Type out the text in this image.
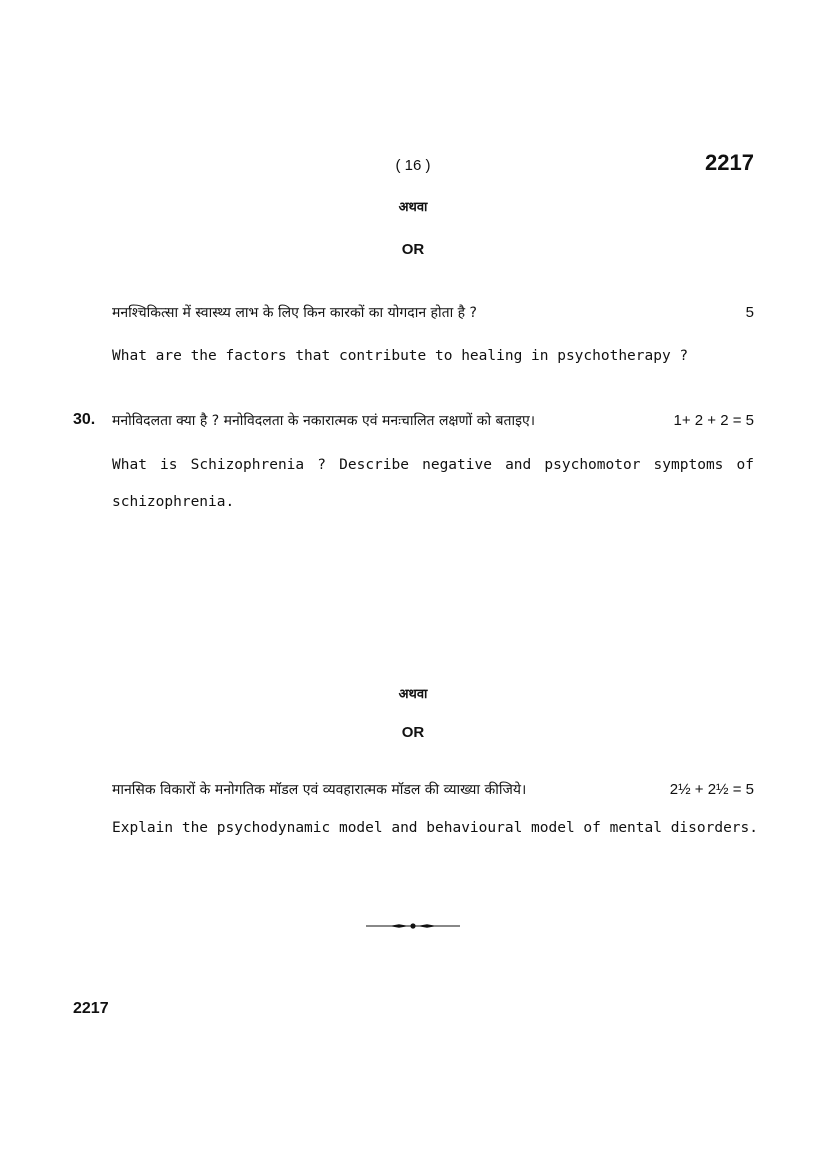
( 16 )	2217
अथवा
OR
मनश्चिकित्सा में स्वास्थ्य लाभ के लिए किन कारकों का योगदान होता है ?	5
What are the factors that contribute to healing in psychotherapy ?
30. मनोविदलता क्या है ? मनोविदलता के नकारात्मक एवं मनःचालित लक्षणों को बताइए।	1+ 2 + 2 = 5
What is Schizophrenia ? Describe negative and psychomotor symptoms of
schizophrenia.
अथवा
OR
मानसिक विकारों के मनोगतिक मॉडल एवं व्यवहारात्मक मॉडल की व्याख्या कीजिये।	2½ + 2½ = 5
Explain the psychodynamic model and behavioural model of mental disorders.
2217
